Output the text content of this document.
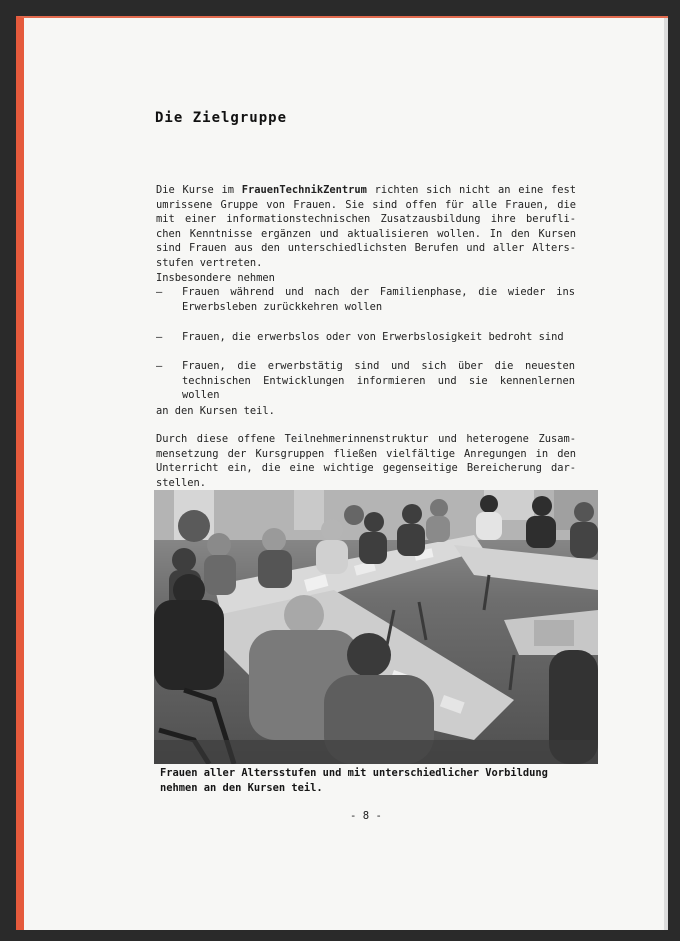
Die Zielgruppe
Die Kurse im FrauenTechnikZentrum richten sich nicht an eine fest
umrissene Gruppe von Frauen. Sie sind offen für alle Frauen, die
mit einer informationstechnischen Zusatzausbildung ihre berufli-
chen Kenntnisse ergänzen und aktualisieren wollen. In den Kursen
sind Frauen aus den unterschiedlichsten Berufen und aller Alters-
stufen vertreten.
Insbesondere nehmen
— Frauen während und nach der Familienphase, die wieder ins
Erwerbsleben zurückkehren wollen
— Frauen, die erwerbslos oder von Erwerbslosigkeit bedroht sind
— Frauen, die erwerbstätig sind und sich über die neuesten
technischen Entwicklungen informieren und sie kennenlernen
wollen
an den Kursen teil.
Durch diese offene Teilnehmerinnenstruktur und heterogene Zusam-
mensetzung der Kursgruppen fließen vielfältige Anregungen in den
Unterricht ein, die eine wichtige gegenseitige Bereicherung dar-
stellen.
Frauen aller Altersstufen und mit unterschiedlicher Vorbildung
nehmen an den Kursen teil.
- 8 -
